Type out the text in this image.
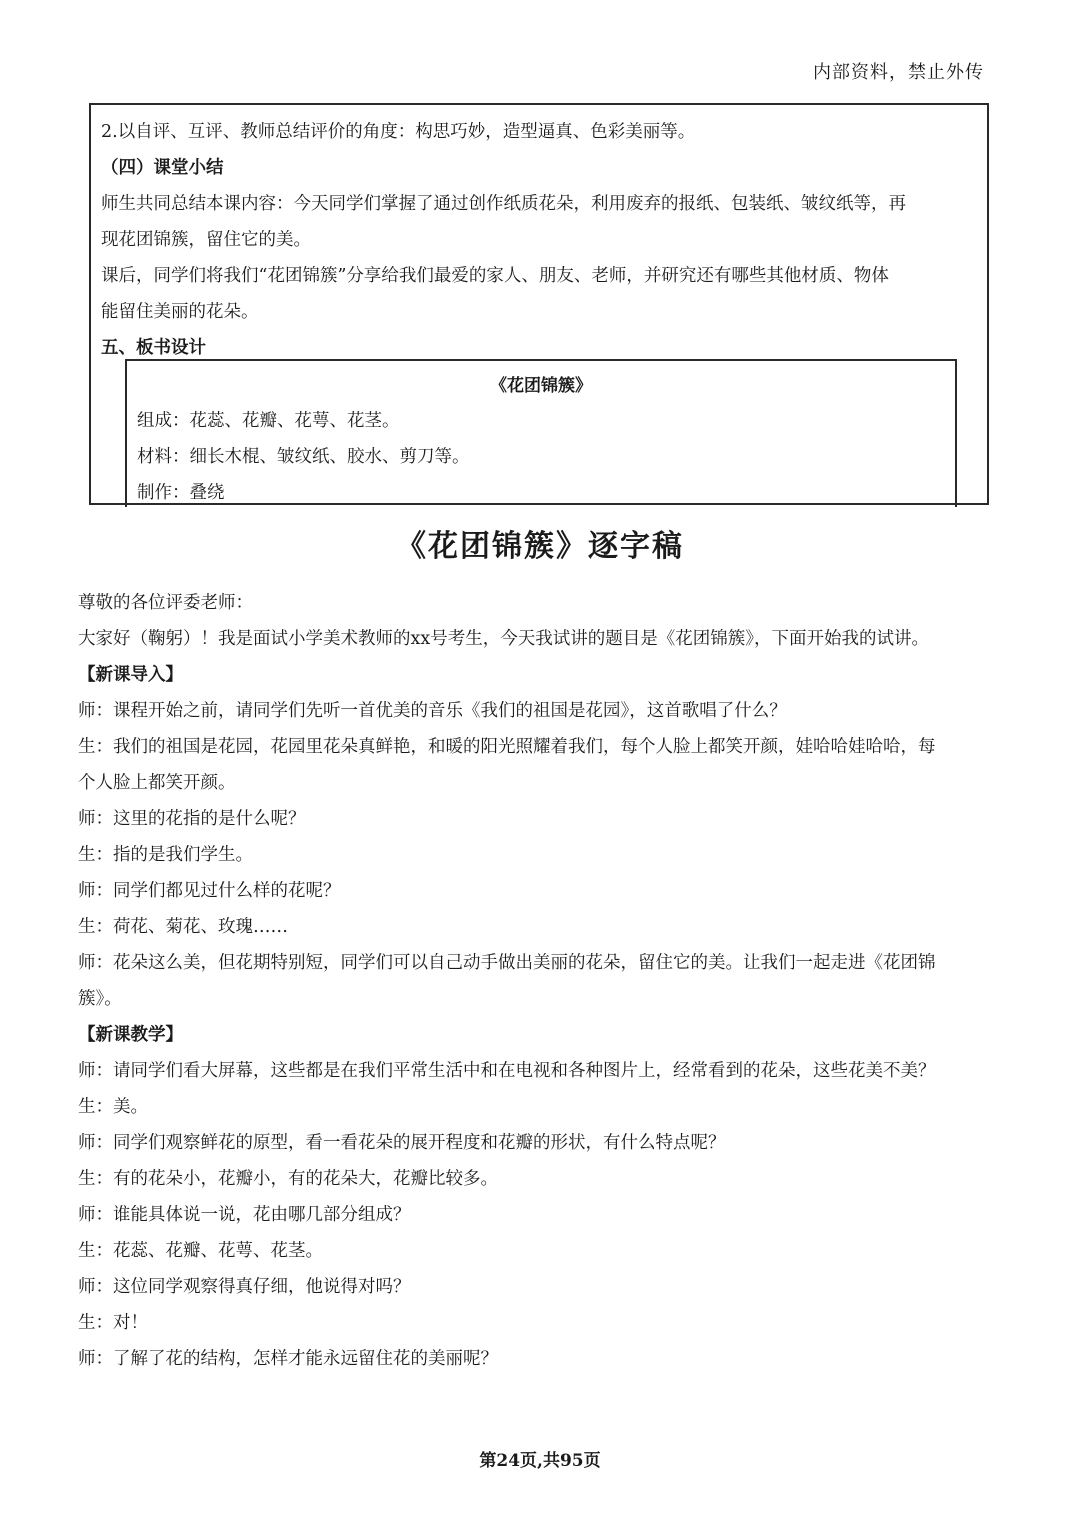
内部资料，禁止外传
2.以自评、互评、教师总结评价的角度：构思巧妙，造型逼真、色彩美丽等。
（四）课堂小结
师生共同总结本课内容：今天同学们掌握了通过创作纸质花朵，利用废弃的报纸、包装纸、皱纹纸等，再
现花团锦簇，留住它的美。
课后，同学们将我们“花团锦簇”分享给我们最爱的家人、朋友、老师，并研究还有哪些其他材质、物体
能留住美丽的花朵。
五、板书设计
《花团锦簇》
组成：花蕊、花瓣、花萼、花茎。
材料：细长木棍、皱纹纸、胶水、剪刀等。
制作：叠绕
《花团锦簇》逐字稿
尊敬的各位评委老师：
大家好（鞠躬）！我是面试小学美术教师的xx号考生，今天我试讲的题目是《花团锦簇》，下面开始我的试讲。
【新课导入】
师：课程开始之前，请同学们先听一首优美的音乐《我们的祖国是花园》，这首歌唱了什么？
生：我们的祖国是花园，花园里花朵真鲜艳，和暖的阳光照耀着我们，每个人脸上都笑开颜，娃哈哈娃哈哈，每
个人脸上都笑开颜。
师：这里的花指的是什么呢？
生：指的是我们学生。
师：同学们都见过什么样的花呢？
生：荷花、菊花、玫瑰……
师：花朵这么美，但花期特别短，同学们可以自己动手做出美丽的花朵，留住它的美。让我们一起走进《花团锦
簇》。
【新课教学】
师：请同学们看大屏幕，这些都是在我们平常生活中和在电视和各种图片上，经常看到的花朵，这些花美不美？
生：美。
师：同学们观察鲜花的原型，看一看花朵的展开程度和花瓣的形状，有什么特点呢？
生：有的花朵小，花瓣小，有的花朵大，花瓣比较多。
师：谁能具体说一说，花由哪几部分组成？
生：花蕊、花瓣、花萼、花茎。
师：这位同学观察得真仔细，他说得对吗？
生：对！
师：了解了花的结构，怎样才能永远留住花的美丽呢？
第24页,共95页
